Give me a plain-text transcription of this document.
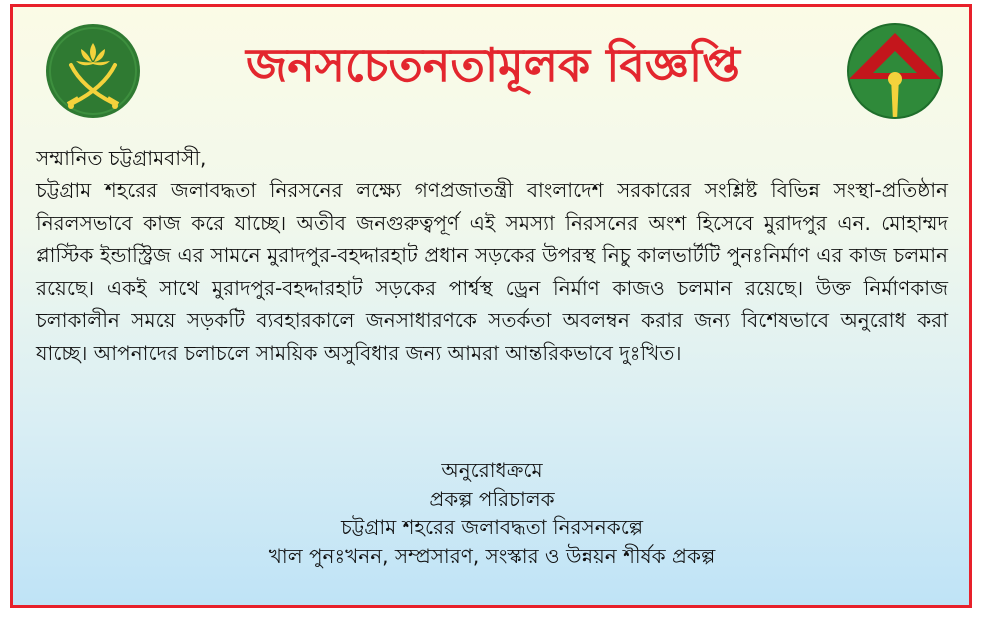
জনসচেতনতামূলক বিজ্ঞপ্তি
সম্মানিত চট্টগ্রামবাসী,
চট্টগ্রাম শহরের জলাবদ্ধতা নিরসনের লক্ষ্যে গণপ্রজাতন্ত্রী বাংলাদেশ সরকারের সংশ্লিষ্ট বিভিন্ন সংস্থা-প্রতিষ্ঠান নিরলসভাবে কাজ করে যাচ্ছে। অতীব জনগুরুত্বপূর্ণ এই সমস্যা নিরসনের অংশ হিসেবে মুরাদপুর এন. মোহাম্মদ প্লাস্টিক ইন্ডাস্ট্রিজ এর সামনে মুরাদপুর-বহদ্দারহাট প্রধান সড়কের উপরস্থ নিচু কালভার্টটি পুনঃনির্মাণ এর কাজ চলমান রয়েছে। একই সাথে মুরাদপুর-বহদ্দারহাট সড়কের পার্শ্বস্থ ড্রেন নির্মাণ কাজও চলমান রয়েছে। উক্ত নির্মাণকাজ চলাকালীন সময়ে সড়কটি ব্যবহারকালে জনসাধারণকে সতর্কতা অবলম্বন করার জন্য বিশেষভাবে অনুরোধ করা যাচ্ছে। আপনাদের চলাচলে সাময়িক অসুবিধার জন্য আমরা আন্তরিকভাবে দুঃখিত।
অনুরোধক্রমে
প্রকল্প পরিচালক
চট্টগ্রাম শহরের জলাবদ্ধতা নিরসনকল্পে
খাল পুনঃখনন, সম্প্রসারণ, সংস্কার ও উন্নয়ন শীর্ষক প্রকল্প
